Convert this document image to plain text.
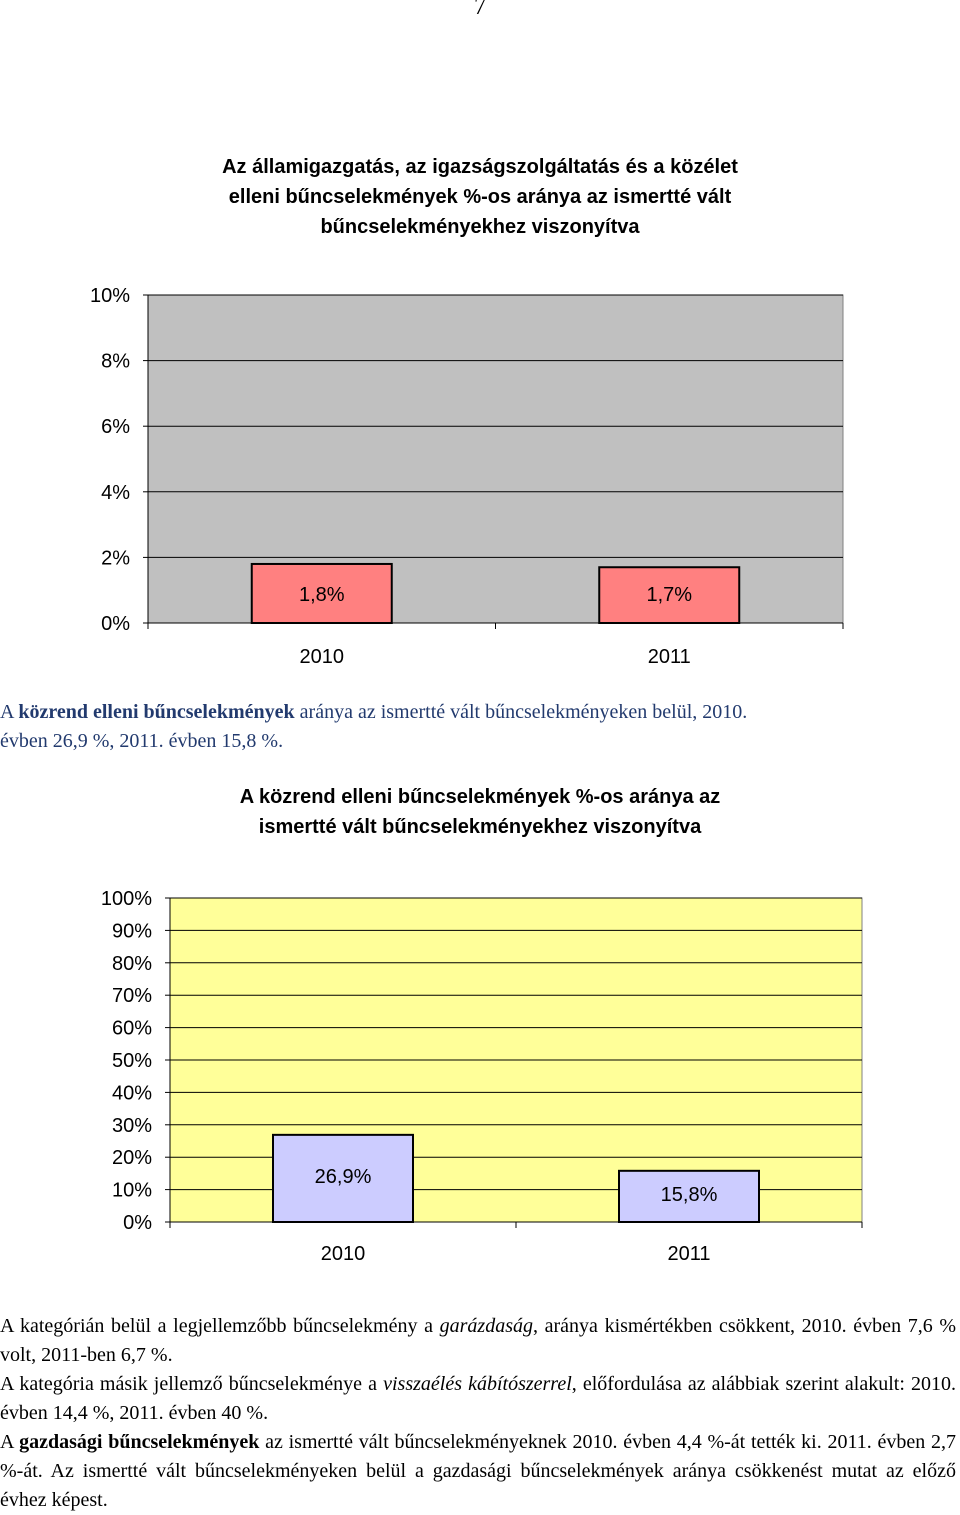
7
Az államigazgatás, az igazságszolgáltatás és a közélet
elleni bűncselekmények %-os aránya az ismertté vált
bűncselekményekhez viszonyítva
0%
2%
4%
6%
8%
10%
1,8%
2010
1,7%
2011
A közrend elleni bűncselekmények aránya az ismertté vált bűncselekményeken belül, 2010.
évben 26,9 %, 2011. évben 15,8 %.
A közrend elleni bűncselekmények %-os aránya az
ismertté vált bűncselekményekhez viszonyítva
0%
10%
20%
30%
40%
50%
60%
70%
80%
90%
100%
26,9%
2010
15,8%
2011
A kategórián belül a legjellemzőbb bűncselekmény a garázdaság, aránya kismértékben csökkent, 2010. évben 7,6 % volt, 2011-ben 6,7 %.
A kategória másik jellemző bűncselekménye a visszaélés kábítószerrel, előfordulása az alábbiak szerint alakult: 2010. évben 14,4 %, 2011. évben 40 %.
A gazdasági bűncselekmények az ismertté vált bűncselekményeknek 2010. évben 4,4 %-át tették ki. 2011. évben 2,7 %-át. Az ismertté vált bűncselekményeken belül a gazdasági bűncselekmények aránya csökkenést mutat az előző évhez képest.
